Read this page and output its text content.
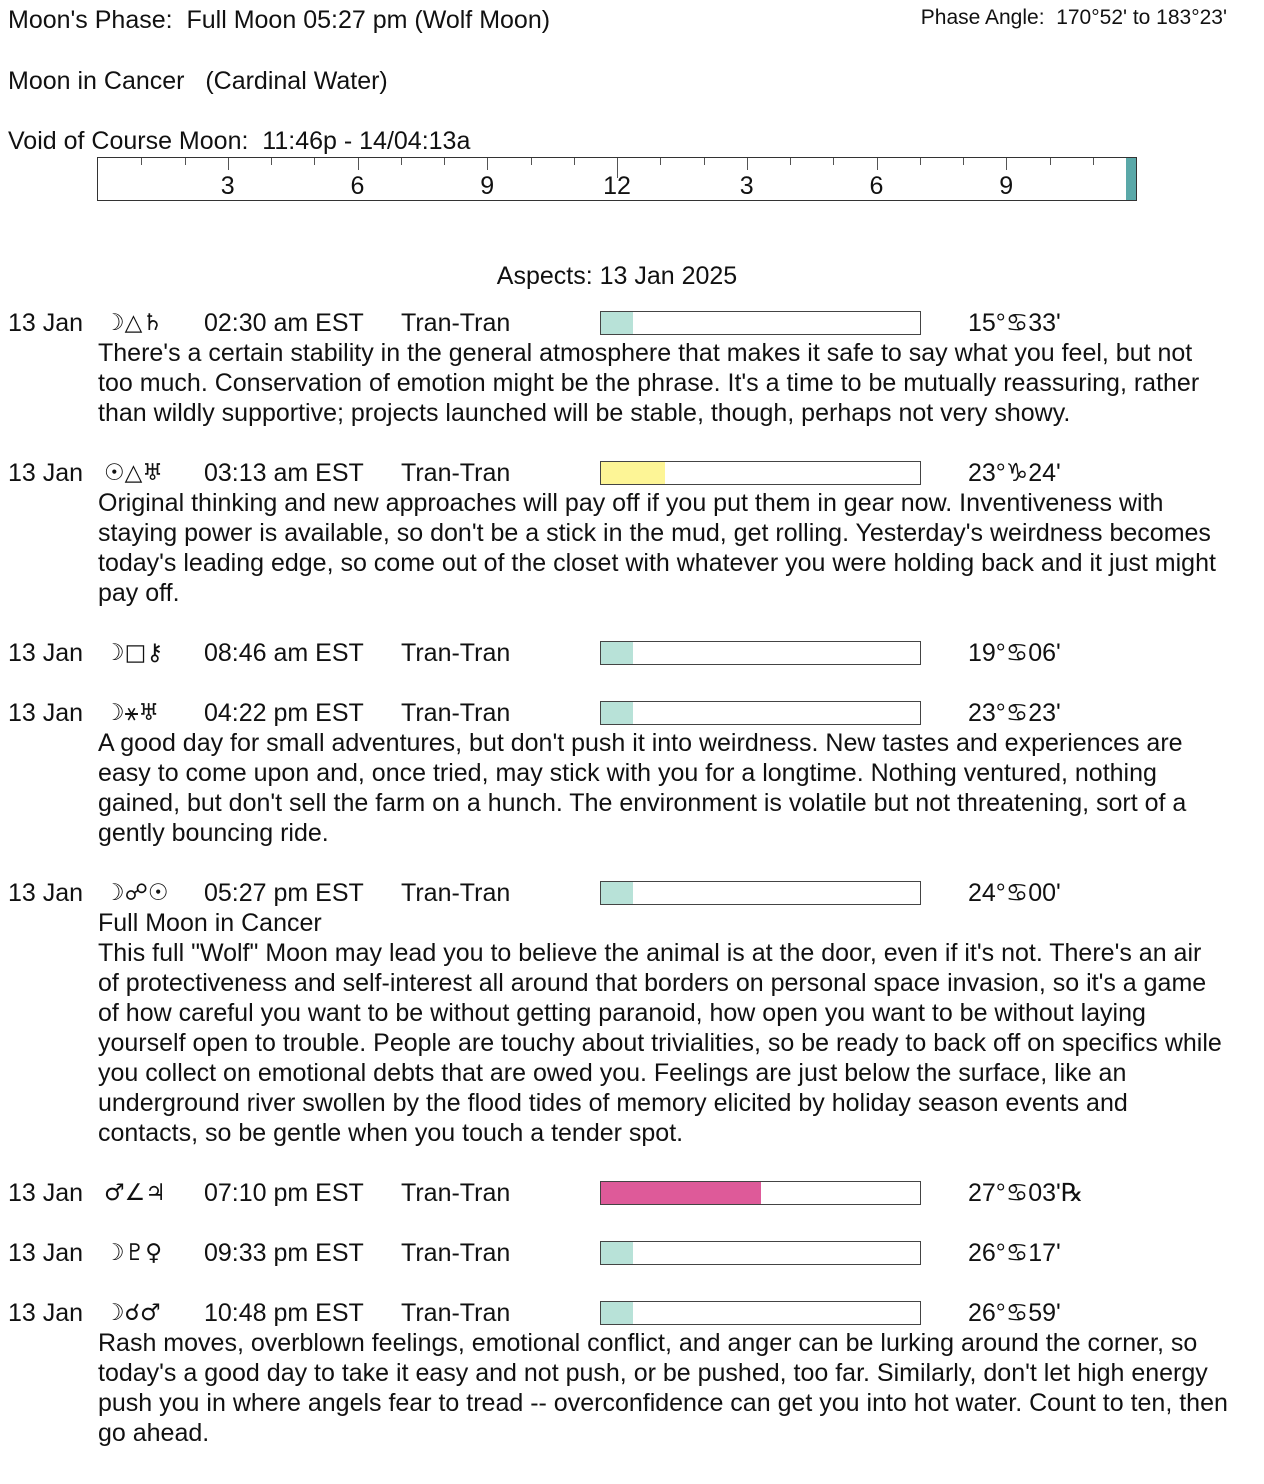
Moon's Phase:  Full Moon 05:27 pm (Wolf Moon)	Phase Angle:  170°52' to 183°23'
Moon in Cancer   (Cardinal Water)
Void of Course Moon:  11:46p - 14/04:13a
3	6	9	12	3	6	9
Aspects: 13 Jan 2025
13 Jan ☽△♄ 02:30 am EST Tran-Tran	15°♋33'
There's a certain stability in the general atmosphere that makes it safe to say what you feel, but not too much. Conservation of emotion might be the phrase. It's a time to be mutually reassuring, rather than wildly supportive; projects launched will be stable, though, perhaps not very showy.
13 Jan ☉△♅ 03:13 am EST Tran-Tran	23°♑24'
Original thinking and new approaches will pay off if you put them in gear now. Inventiveness with staying power is available, so don't be a stick in the mud, get rolling. Yesterday's weirdness becomes today's leading edge, so come out of the closet with whatever you were holding back and it just might pay off.
13 Jan ☽□⚷ 08:46 am EST Tran-Tran	19°♋06'
13 Jan ☽⚹♅ 04:22 pm EST Tran-Tran	23°♋23'
A good day for small adventures, but don't push it into weirdness. New tastes and experiences are easy to come upon and, once tried, may stick with you for a longtime. Nothing ventured, nothing gained, but don't sell the farm on a hunch. The environment is volatile but not threatening, sort of a gently bouncing ride.
13 Jan ☽☍☉ 05:27 pm EST Tran-Tran	24°♋00'
Full Moon in Cancer
This full "Wolf" Moon may lead you to believe the animal is at the door, even if it's not. There's an air of protectiveness and self-interest all around that borders on personal space invasion, so it's a game of how careful you want to be without getting paranoid, how open you want to be without laying yourself open to trouble. People are touchy about trivialities, so be ready to back off on specifics while you collect on emotional debts that are owed you. Feelings are just below the surface, like an underground river swollen by the flood tides of memory elicited by holiday season events and contacts, so be gentle when you touch a tender spot.
13 Jan ♂∠♃ 07:10 pm EST Tran-Tran	27°♋03'℞
13 Jan ☽♇♀ 09:33 pm EST Tran-Tran	26°♋17'
13 Jan ☽☌♂ 10:48 pm EST Tran-Tran	26°♋59'
Rash moves, overblown feelings, emotional conflict, and anger can be lurking around the corner, so today's a good day to take it easy and not push, or be pushed, too far. Similarly, don't let high energy push you in where angels fear to tread -- overconfidence can get you into hot water. Count to ten, then go ahead.
